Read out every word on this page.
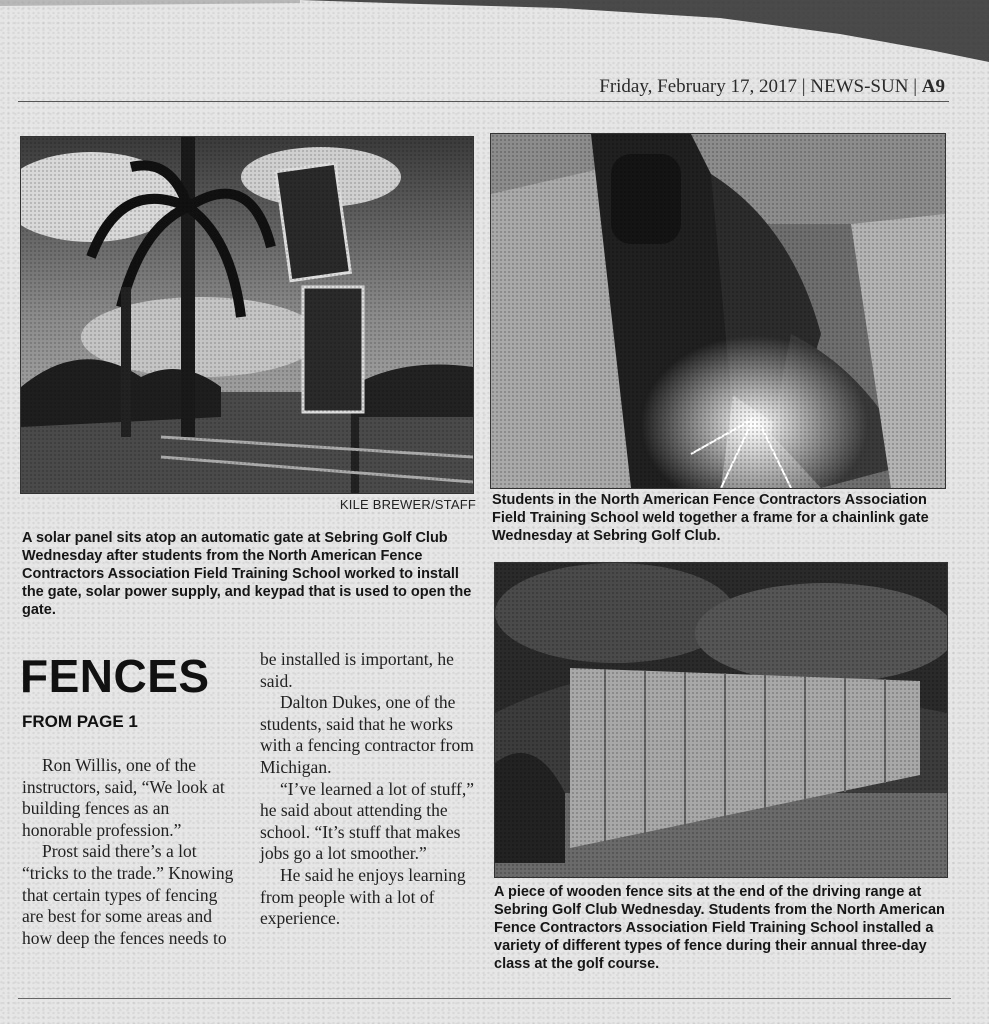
Friday, February 17, 2017 | NEWS-SUN | A9
KILE BREWER/STAFF
A solar panel sits atop an automatic gate at Sebring Golf Club Wednesday after students from the North American Fence Contractors Association Field Training School worked to install the gate, solar power supply, and keypad that is used to open the gate.
Students in the North American Fence Contractors Association Field Training School weld together a frame for a chainlink gate Wednesday at Sebring Golf Club.
A piece of wooden fence sits at the end of the driving range at Sebring Golf Club Wednesday. Students from the North American Fence Contractors Association Field Training School installed a variety of different types of fence during their annual three-day class at the golf course.
FENCES
FROM PAGE 1

Ron Willis, one of the instructors, said, “We look at building fences as an honorable profession.”

Prost said there’s a lot “tricks to the trade.” Knowing that certain types of fencing are best for some areas and how deep the fences needs to

be installed is important, he said.

Dalton Dukes, one of the students, said that he works with a fencing contractor from Michigan.

“I’ve learned a lot of stuff,” he said about attending the school. “It’s stuff that makes jobs go a lot smoother.”

He said he enjoys learning from people with a lot of experience.
